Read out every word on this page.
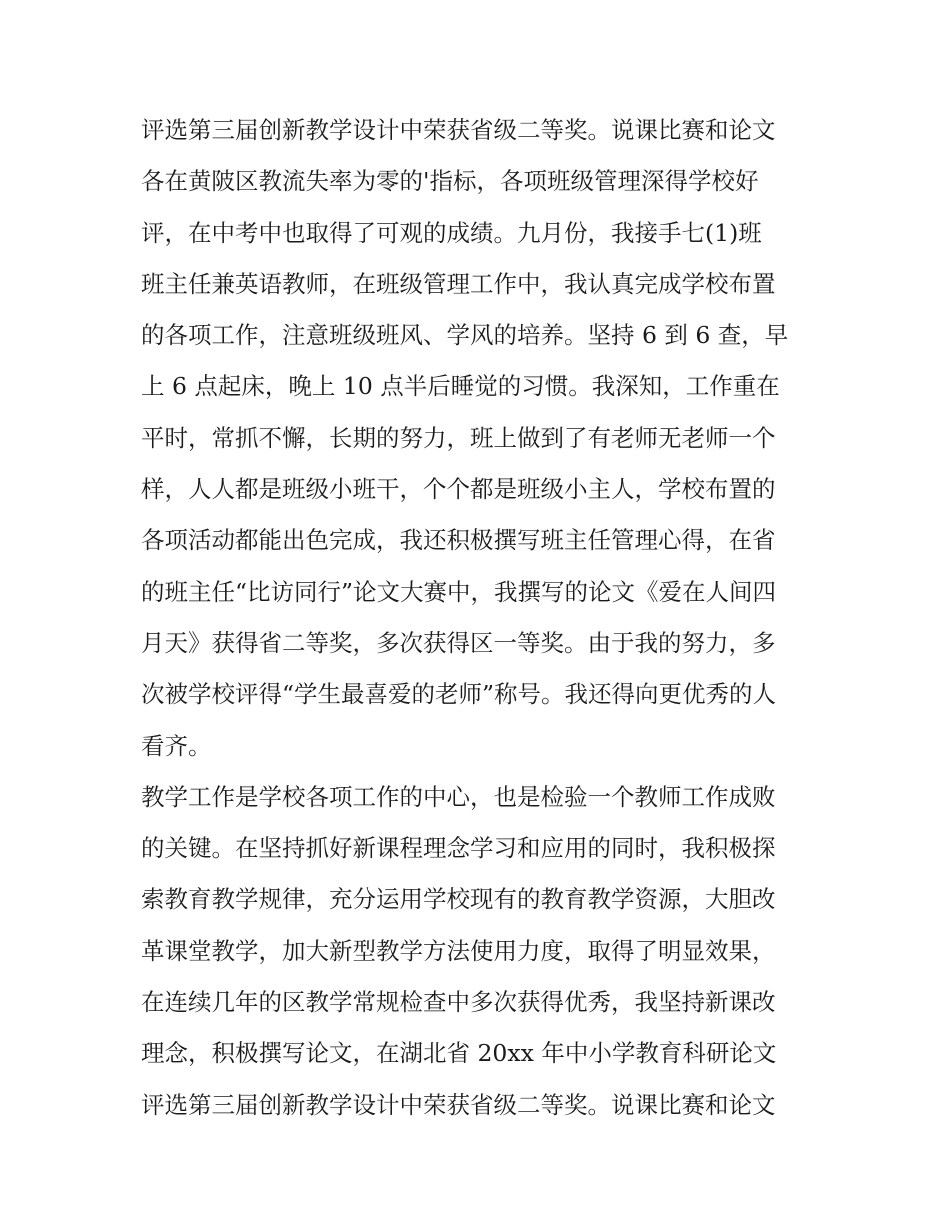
评选第三届创新教学设计中荣获省级二等奖。说课比赛和论文
各在黄陂区教流失率为零的'指标，各项班级管理深得学校好
评，在中考中也取得了可观的成绩。九月份，我接手七(1)班
班主任兼英语教师，在班级管理工作中，我认真完成学校布置
的各项工作，注意班级班风、学风的培养。坚持 6 到 6 查，早
上 6 点起床，晚上 10 点半后睡觉的习惯。我深知，工作重在
平时，常抓不懈，长期的努力，班上做到了有老师无老师一个
样，人人都是班级小班干，个个都是班级小主人，学校布置的
各项活动都能出色完成，我还积极撰写班主任管理心得，在省
的班主任“比访同行”论文大赛中，我撰写的论文《爱在人间四
月天》获得省二等奖，多次获得区一等奖。由于我的努力，多
次被学校评得“学生最喜爱的老师”称号。我还得向更优秀的人
看齐。
教学工作是学校各项工作的中心，也是检验一个教师工作成败
的关键。在坚持抓好新课程理念学习和应用的同时，我积极探
索教育教学规律，充分运用学校现有的教育教学资源，大胆改
革课堂教学，加大新型教学方法使用力度，取得了明显效果，
在连续几年的区教学常规检查中多次获得优秀，我坚持新课改
理念，积极撰写论文，在湖北省 20xx 年中小学教育科研论文
评选第三届创新教学设计中荣获省级二等奖。说课比赛和论文
